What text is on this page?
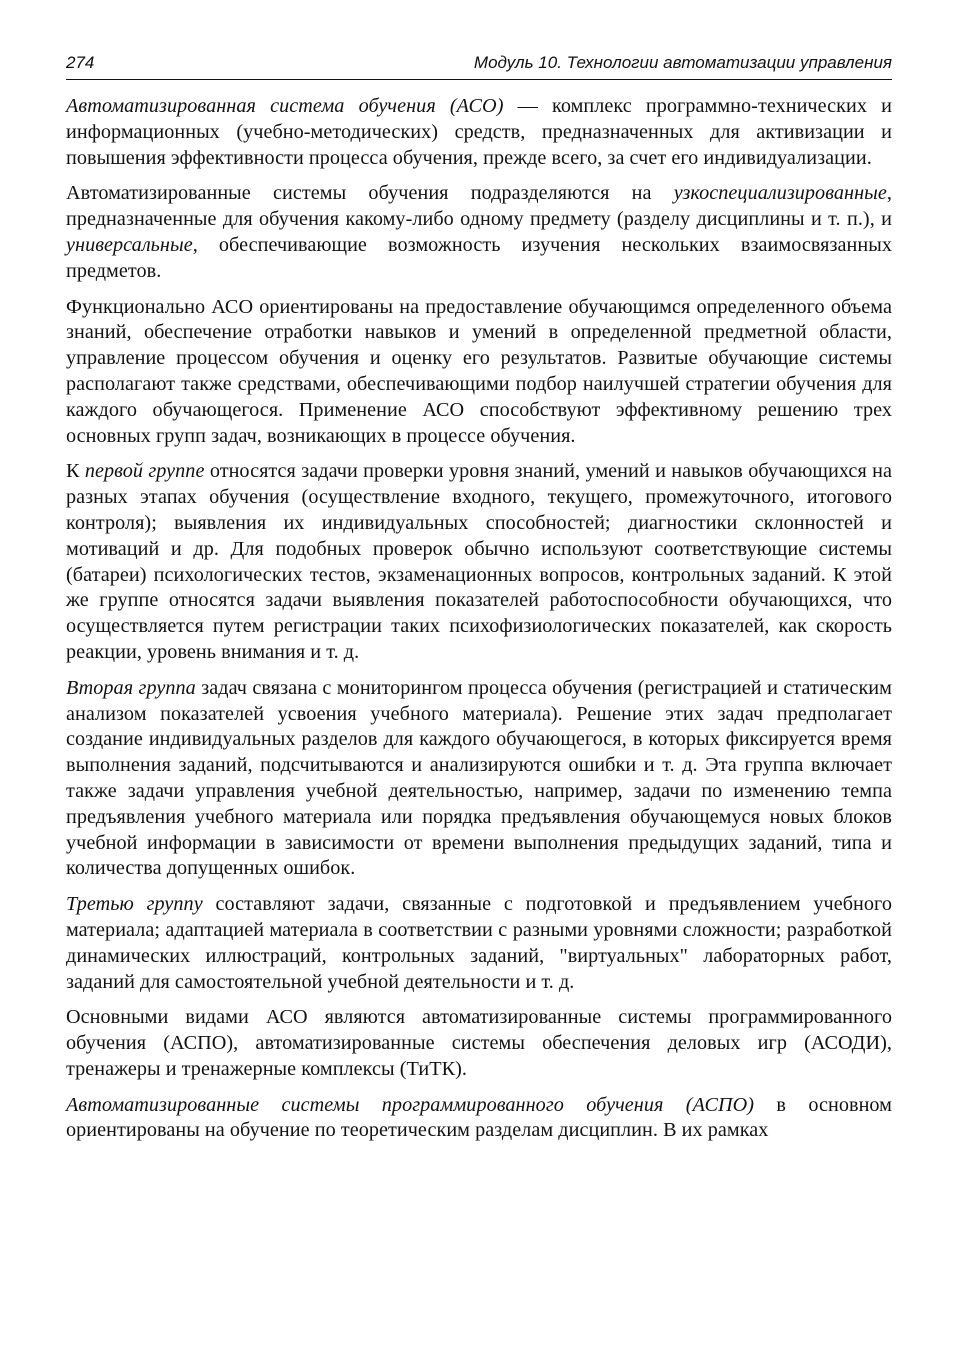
274	Модуль 10. Технологии автоматизации управления

Автоматизированная система обучения (АСО) — комплекс программно-технических и информационных (учебно-методических) средств, предназначенных для активизации и повышения эффективности процесса обучения, прежде всего, за счет его индивидуализации.

Автоматизированные системы обучения подразделяются на узкоспециализированные, предназначенные для обучения какому-либо одному предмету (разделу дисциплины и т. п.), и универсальные, обеспечивающие возможность изучения нескольких взаимосвязанных предметов.

Функционально АСО ориентированы на предоставление обучающимся определенного объема знаний, обеспечение отработки навыков и умений в определенной предметной области, управление процессом обучения и оценку его результатов. Развитые обучающие системы располагают также средствами, обеспечивающими подбор наилучшей стратегии обучения для каждого обучающегося. Применение АСО способствуют эффективному решению трех основных групп задач, возникающих в процессе обучения.

К первой группе относятся задачи проверки уровня знаний, умений и навыков обучающихся на разных этапах обучения (осуществление входного, текущего, промежуточного, итогового контроля); выявления их индивидуальных способностей; диагностики склонностей и мотиваций и др. Для подобных проверок обычно используют соответствующие системы (батареи) психологических тестов, экзаменационных вопросов, контрольных заданий. К этой же группе относятся задачи выявления показателей работоспособности обучающихся, что осуществляется путем регистрации таких психофизиологических показателей, как скорость реакции, уровень внимания и т. д.

Вторая группа задач связана с мониторингом процесса обучения (регистрацией и статическим анализом показателей усвоения учебного материала). Решение этих задач предполагает создание индивидуальных разделов для каждого обучающегося, в которых фиксируется время выполнения заданий, подсчитываются и анализируются ошибки и т. д. Эта группа включает также задачи управления учебной деятельностью, например, задачи по изменению темпа предъявления учебного материала или порядка предъявления обучающемуся новых блоков учебной информации в зависимости от времени выполнения предыдущих заданий, типа и количества допущенных ошибок.

Третью группу составляют задачи, связанные с подготовкой и предъявлением учебного материала; адаптацией материала в соответствии с разными уровнями сложности; разработкой динамических иллюстраций, контрольных заданий, "виртуальных" лабораторных работ, заданий для самостоятельной учебной деятельности и т. д.

Основными видами АСО являются автоматизированные системы программированного обучения (АСПО), автоматизированные системы обеспечения деловых игр (АСОДИ), тренажеры и тренажерные комплексы (ТиТК).

Автоматизированные системы программированного обучения (АСПО) в основном ориентированы на обучение по теоретическим разделам дисциплин. В их рамках
